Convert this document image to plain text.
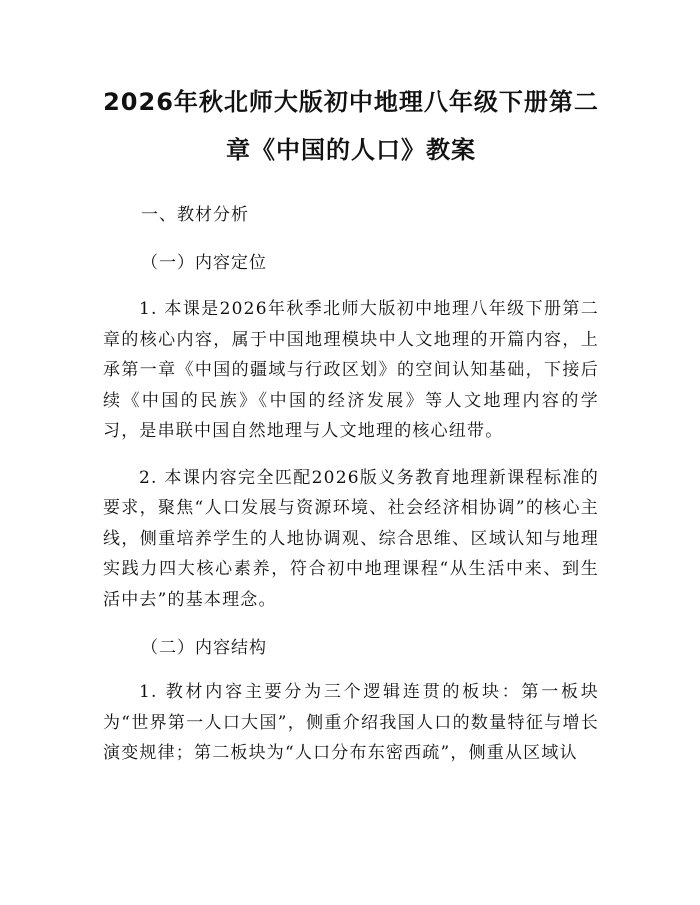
2026年秋北师大版初中地理八年级下册第二
章《中国的人口》教案

一、教材分析

（一）内容定位

1. 本课是2026年秋季北师大版初中地理八年级下册第二章的核心内容，属于中国地理模块中人文地理的开篇内容，上承第一章《中国的疆域与行政区划》的空间认知基础，下接后续《中国的民族》《中国的经济发展》等人文地理内容的学习，是串联中国自然地理与人文地理的核心纽带。

2. 本课内容完全匹配2026版义务教育地理新课程标准的要求，聚焦“人口发展与资源环境、社会经济相协调”的核心主线，侧重培养学生的人地协调观、综合思维、区域认知与地理实践力四大核心素养，符合初中地理课程“从生活中来、到生活中去”的基本理念。

（二）内容结构

1. 教材内容主要分为三个逻辑连贯的板块：第一板块为“世界第一人口大国”，侧重介绍我国人口的数量特征与增长演变规律；第二板块为“人口分布东密西疏”，侧重从区域认
